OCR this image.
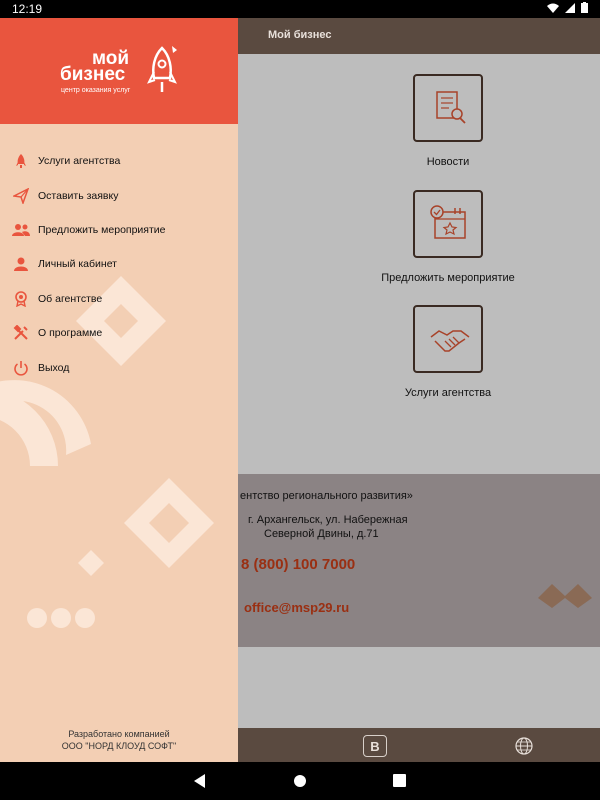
12:19
Мой бизнес
Новости
Предложить мероприятие
Услуги агентства
ентство регионального развития»
г. Архангельск, ул. Набережная
Северной Двины, д.71
8 (800) 100 7000
office@msp29.ru
В
мой
бизнес
центр оказания услуг
Услуги агентства
Оставить заявку
Предложить мероприятие
Личный кабинет
Об агентстве
О программе
Выход
Разработано компанией
ООО "НОРД КЛОУД СОФТ"
